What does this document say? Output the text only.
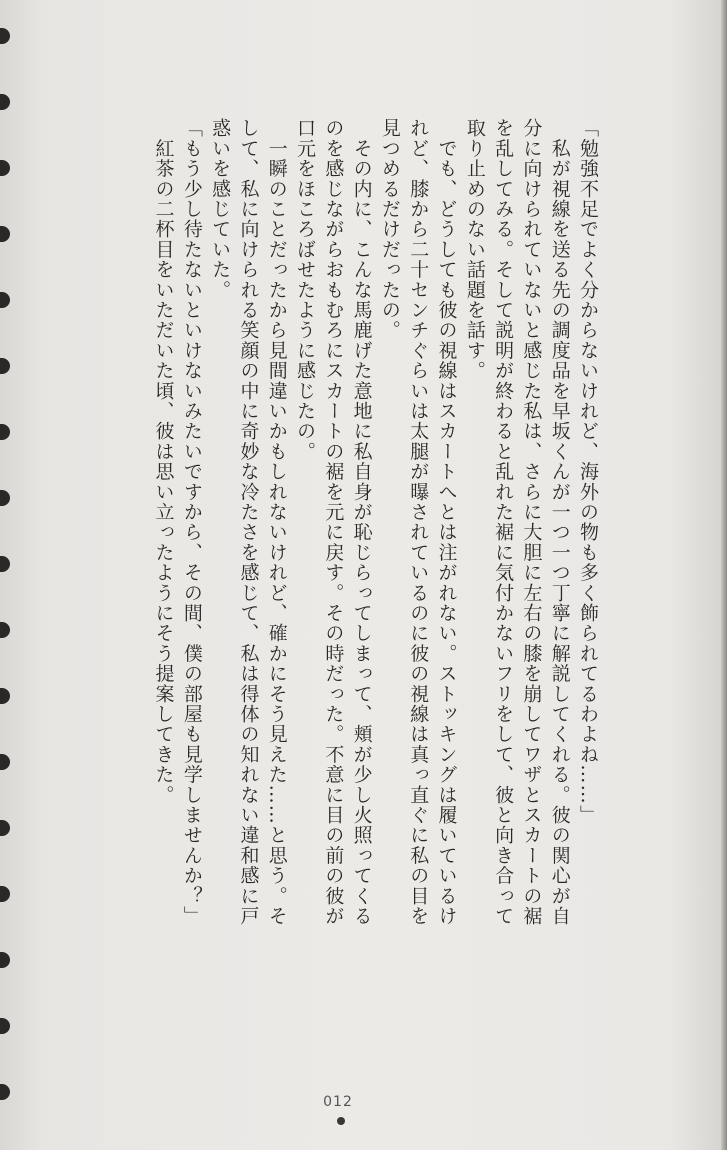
「勉強不足でよく分からないけれど、海外の物も多く飾られてるわよね……」

　私が視線を送る先の調度品を早坂くんが一つ一つ丁寧に解説してくれる。彼の関心が自

分に向けられていないと感じた私は、さらに大胆に左右の膝を崩してワザとスカートの裾

を乱してみる。そして説明が終わると乱れた裾に気付かないフリをして、彼と向き合って

取り止めのない話題を話す。

　でも、どうしても彼の視線はスカートへとは注がれない。ストッキングは履いているけ

れど、膝から二十センチぐらいは太腿が曝されているのに彼の視線は真っ直ぐに私の目を

見つめるだけだったの。

　その内に、こんな馬鹿げた意地に私自身が恥じらってしまって、頬が少し火照ってくる

のを感じながらおもむろにスカートの裾を元に戻す。その時だった。不意に目の前の彼が

口元をほころばせたように感じたの。

　一瞬のことだったから見間違いかもしれないけれど、確かにそう見えた……と思う。そ

して、私に向けられる笑顔の中に奇妙な冷たさを感じて、私は得体の知れない違和感に戸

惑いを感じていた。

「もう少し待たないといけないみたいですから、その間、僕の部屋も見学しませんか？」

　紅茶の二杯目をいただいた頃、彼は思い立ったようにそう提案してきた。

012
